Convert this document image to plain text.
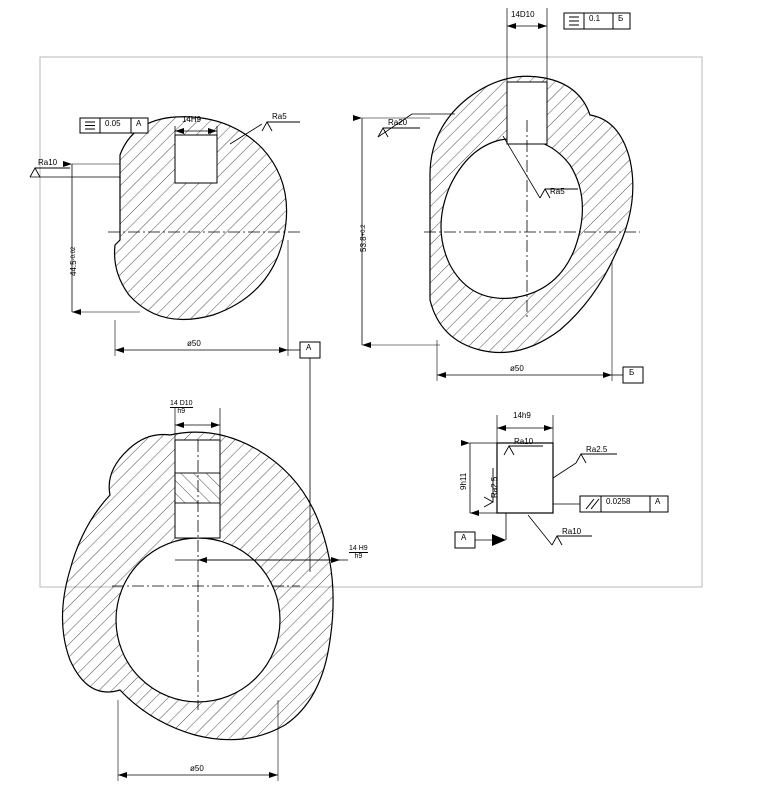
0.05 A	14H9	Ra5
Ra10
44.5-0.02
ø50	A
14D10	0.1 Б
Ra20
Ra5
53.8+0.2
ø50	Б
$\frac{14 D10}{h9}$
$\frac{14 H9}{h9}$
ø50
14h9
9h11
Ra10
Ra2.5
Ra2.5
Ra10
0.0258	A
A
